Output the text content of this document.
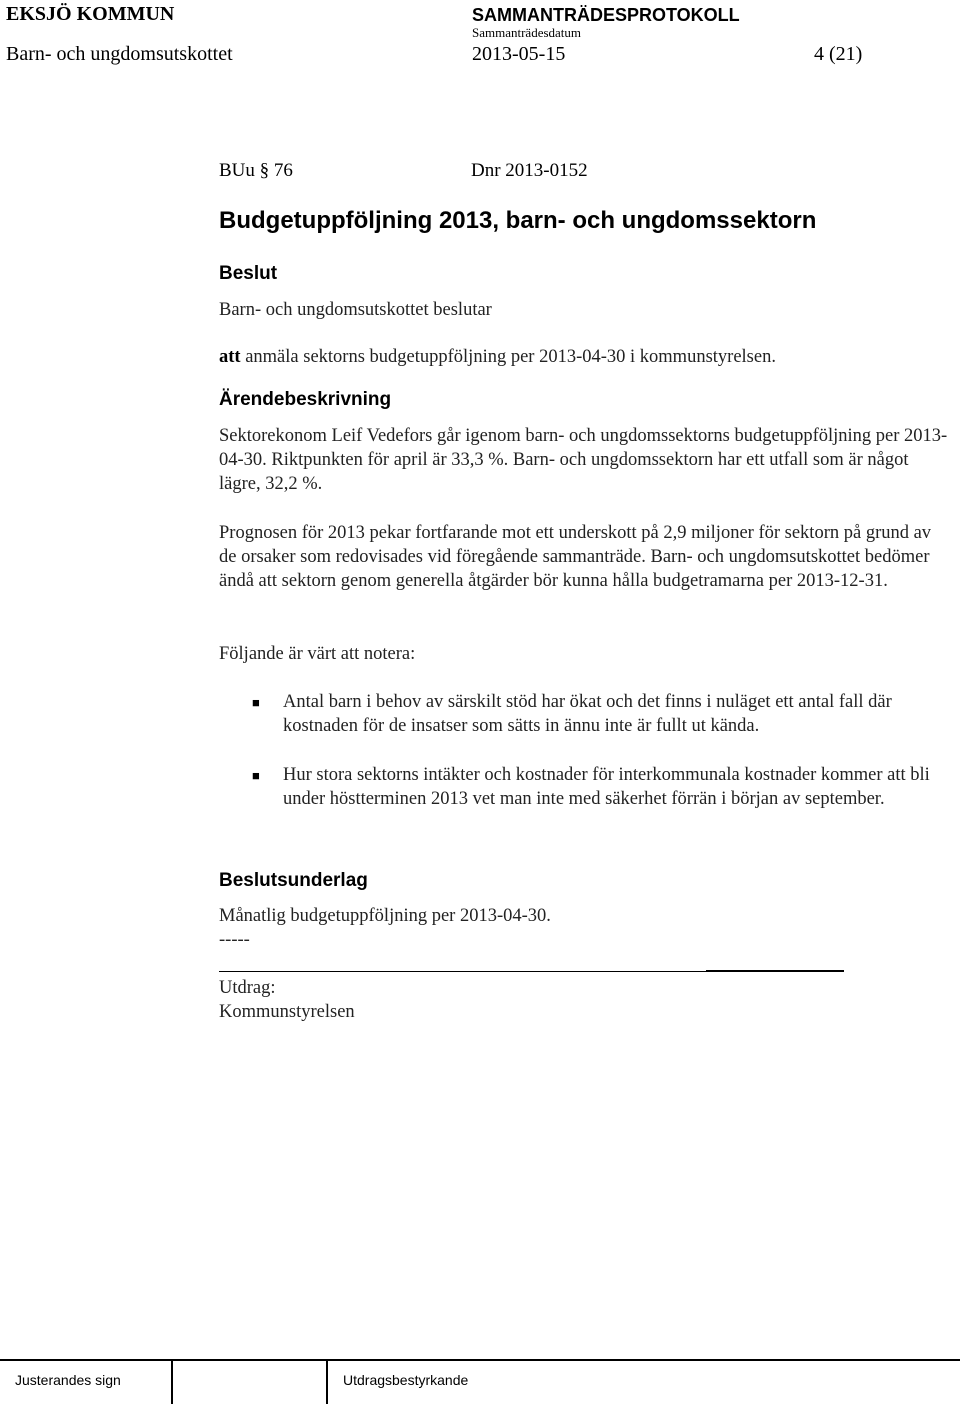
EKSJÖ KOMMUN	SAMMANTRÄDESPROTOKOLL
Sammanträdesdatum
Barn- och ungdomsutskottet	2013-05-15	4 (21)
BUu § 76	Dnr 2013-0152
Budgetuppföljning 2013, barn- och ungdomssektorn
Beslut
Barn- och ungdomsutskottet beslutar
att anmäla sektorns budgetuppföljning per 2013-04-30 i kommunstyrelsen.
Ärendebeskrivning
Sektorekonom Leif Vedefors går igenom barn- och ungdomssektorns budgetuppföljning per 2013-04-30. Riktpunkten för april är 33,3 %. Barn- och ungdomssektorn har ett utfall som är något lägre, 32,2 %.
Prognosen för 2013 pekar fortfarande mot ett underskott på 2,9 miljoner för sektorn på grund av de orsaker som redovisades vid föregående sammanträde. Barn- och ungdomsutskottet bedömer ändå att sektorn genom generella åtgärder bör kunna hålla budgetramarna per 2013-12-31.
Följande är värt att notera:
■ Antal barn i behov av särskilt stöd har ökat och det finns i nuläget ett antal fall där kostnaden för de insatser som sätts in ännu inte är fullt ut kända.
■ Hur stora sektorns intäkter och kostnader för interkommunala kostnader kommer att bli under höstterminen 2013 vet man inte med säkerhet förrän i början av september.
Beslutsunderlag
Månatlig budgetuppföljning per 2013-04-30.
-----
Utdrag:
Kommunstyrelsen
Justerandes sign	Utdragsbestyrkande
